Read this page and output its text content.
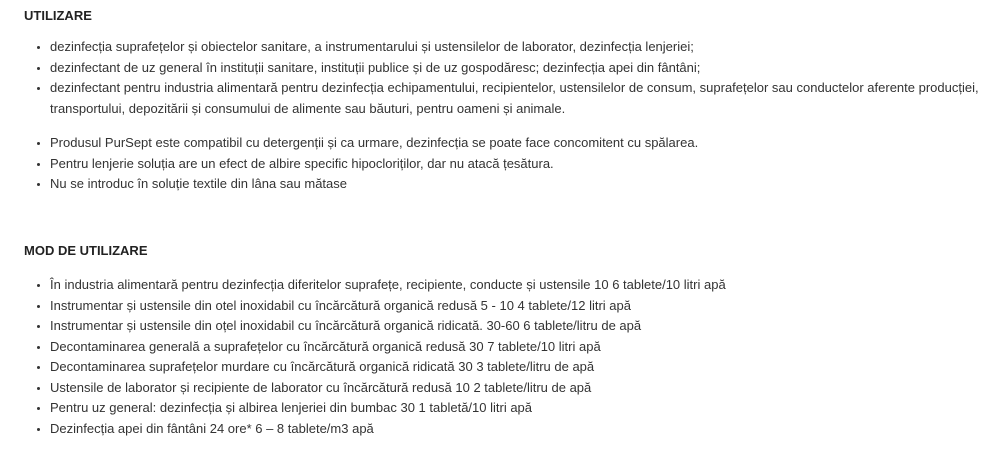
UTILIZARE
• dezinfecția suprafețelor și obiectelor sanitare, a instrumentarului și ustensilelor de laborator, dezinfecția lenjeriei;
• dezinfectant de uz general în instituții sanitare, instituții publice și de uz gospodăresc; dezinfecția apei din fântâni;
• dezinfectant pentru industria alimentară pentru dezinfecția echipamentului, recipientelor, ustensilelor de consum, suprafețelor sau conductelor aferente producției, transportului, depozitării și consumului de alimente sau băuturi, pentru oameni și animale.
• Produsul PurSept este compatibil cu detergenții și ca urmare, dezinfecția se poate face concomitent cu spălarea.
• Pentru lenjerie soluția are un efect de albire specific hipocloriților, dar nu atacă țesătura.
• Nu se introduc în soluție textile din lâna sau mătase
MOD DE UTILIZARE
• În industria alimentară pentru dezinfecția diferitelor suprafețe, recipiente, conducte și ustensile 10 6 tablete/10 litri apă
• Instrumentar și ustensile din otel inoxidabil cu încărcătură organică redusă 5 - 10 4 tablete/12 litri apă
• Instrumentar și ustensile din oțel inoxidabil cu încărcătură organică ridicată. 30-60 6 tablete/litru de apă
• Decontaminarea generală a suprafețelor cu încărcătură organică redusă 30 7 tablete/10 litri apă
• Decontaminarea suprafețelor murdare cu încărcătură organică ridicată 30 3 tablete/litru de apă
• Ustensile de laborator și recipiente de laborator cu încărcătură redusă 10 2 tablete/litru de apă
• Pentru uz general: dezinfecția și albirea lenjeriei din bumbac 30 1 tabletă/10 litri apă
• Dezinfecția apei din fântâni 24 ore* 6 – 8 tablete/m3 apă
